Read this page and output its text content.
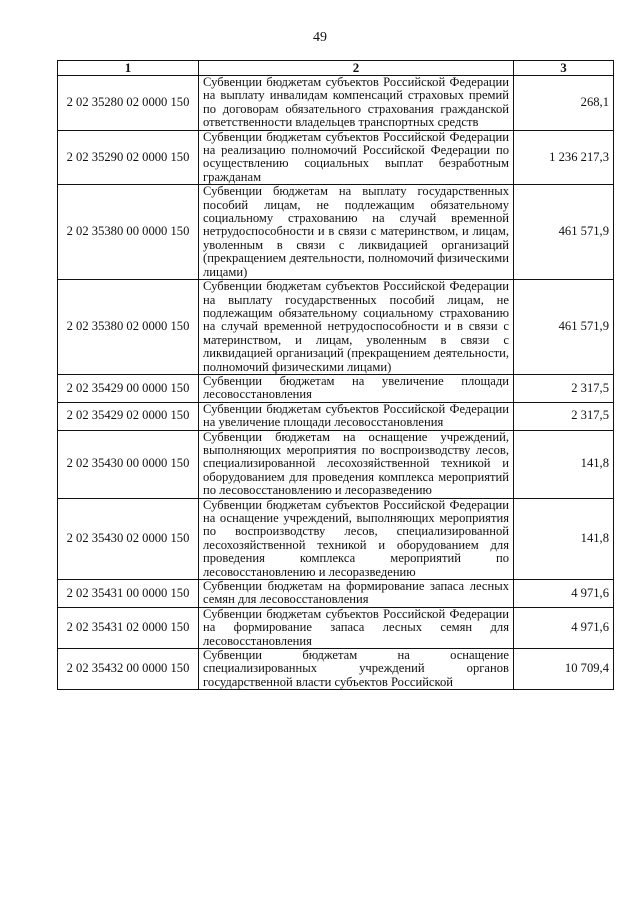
49
1	2	3
2 02 35280 02 0000 150	Субвенции бюджетам субъектов Российской Федерации на выплату инвалидам компенсаций страховых премий по договорам обязательного страхования гражданской ответственности владельцев транспортных средств	268,1
2 02 35290 02 0000 150	Субвенции бюджетам субъектов Российской Федерации на реализацию полномочий Российской Федерации по осуществлению социальных выплат безработным гражданам	1 236 217,3
2 02 35380 00 0000 150	Субвенции бюджетам на выплату государственных пособий лицам, не подлежащим обязательному социальному страхованию на случай временной нетрудоспособности и в связи с материнством, и лицам, уволенным в связи с ликвидацией организаций (прекращением деятельности, полномочий физическими лицами)	461 571,9
2 02 35380 02 0000 150	Субвенции бюджетам субъектов Российской Федерации на выплату государственных пособий лицам, не подлежащим обязательному социальному страхованию на случай временной нетрудоспособности и в связи с материнством, и лицам, уволенным в связи с ликвидацией организаций (прекращением деятельности, полномочий физическими лицами)	461 571,9
2 02 35429 00 0000 150	Субвенции бюджетам на увеличение площади лесовосстановления	2 317,5
2 02 35429 02 0000 150	Субвенции бюджетам субъектов Российской Федерации на увеличение площади лесовосстановления	2 317,5
2 02 35430 00 0000 150	Субвенции бюджетам на оснащение учреждений, выполняющих мероприятия по воспроизводству лесов, специализированной лесохозяйственной техникой и оборудованием для проведения комплекса мероприятий по лесовосстановлению и лесоразведению	141,8
2 02 35430 02 0000 150	Субвенции бюджетам субъектов Российской Федерации на оснащение учреждений, выполняющих мероприятия по воспроизводству лесов, специализированной лесохозяйственной техникой и оборудованием для проведения комплекса мероприятий по лесовосстановлению и лесоразведению	141,8
2 02 35431 00 0000 150	Субвенции бюджетам на формирование запаса лесных семян для лесовосстановления	4 971,6
2 02 35431 02 0000 150	Субвенции бюджетам субъектов Российской Федерации на формирование запаса лесных семян для лесовосстановления	4 971,6
2 02 35432 00 0000 150	Субвенции бюджетам на оснащение специализированных учреждений органов государственной власти субъектов Российской	10 709,4
